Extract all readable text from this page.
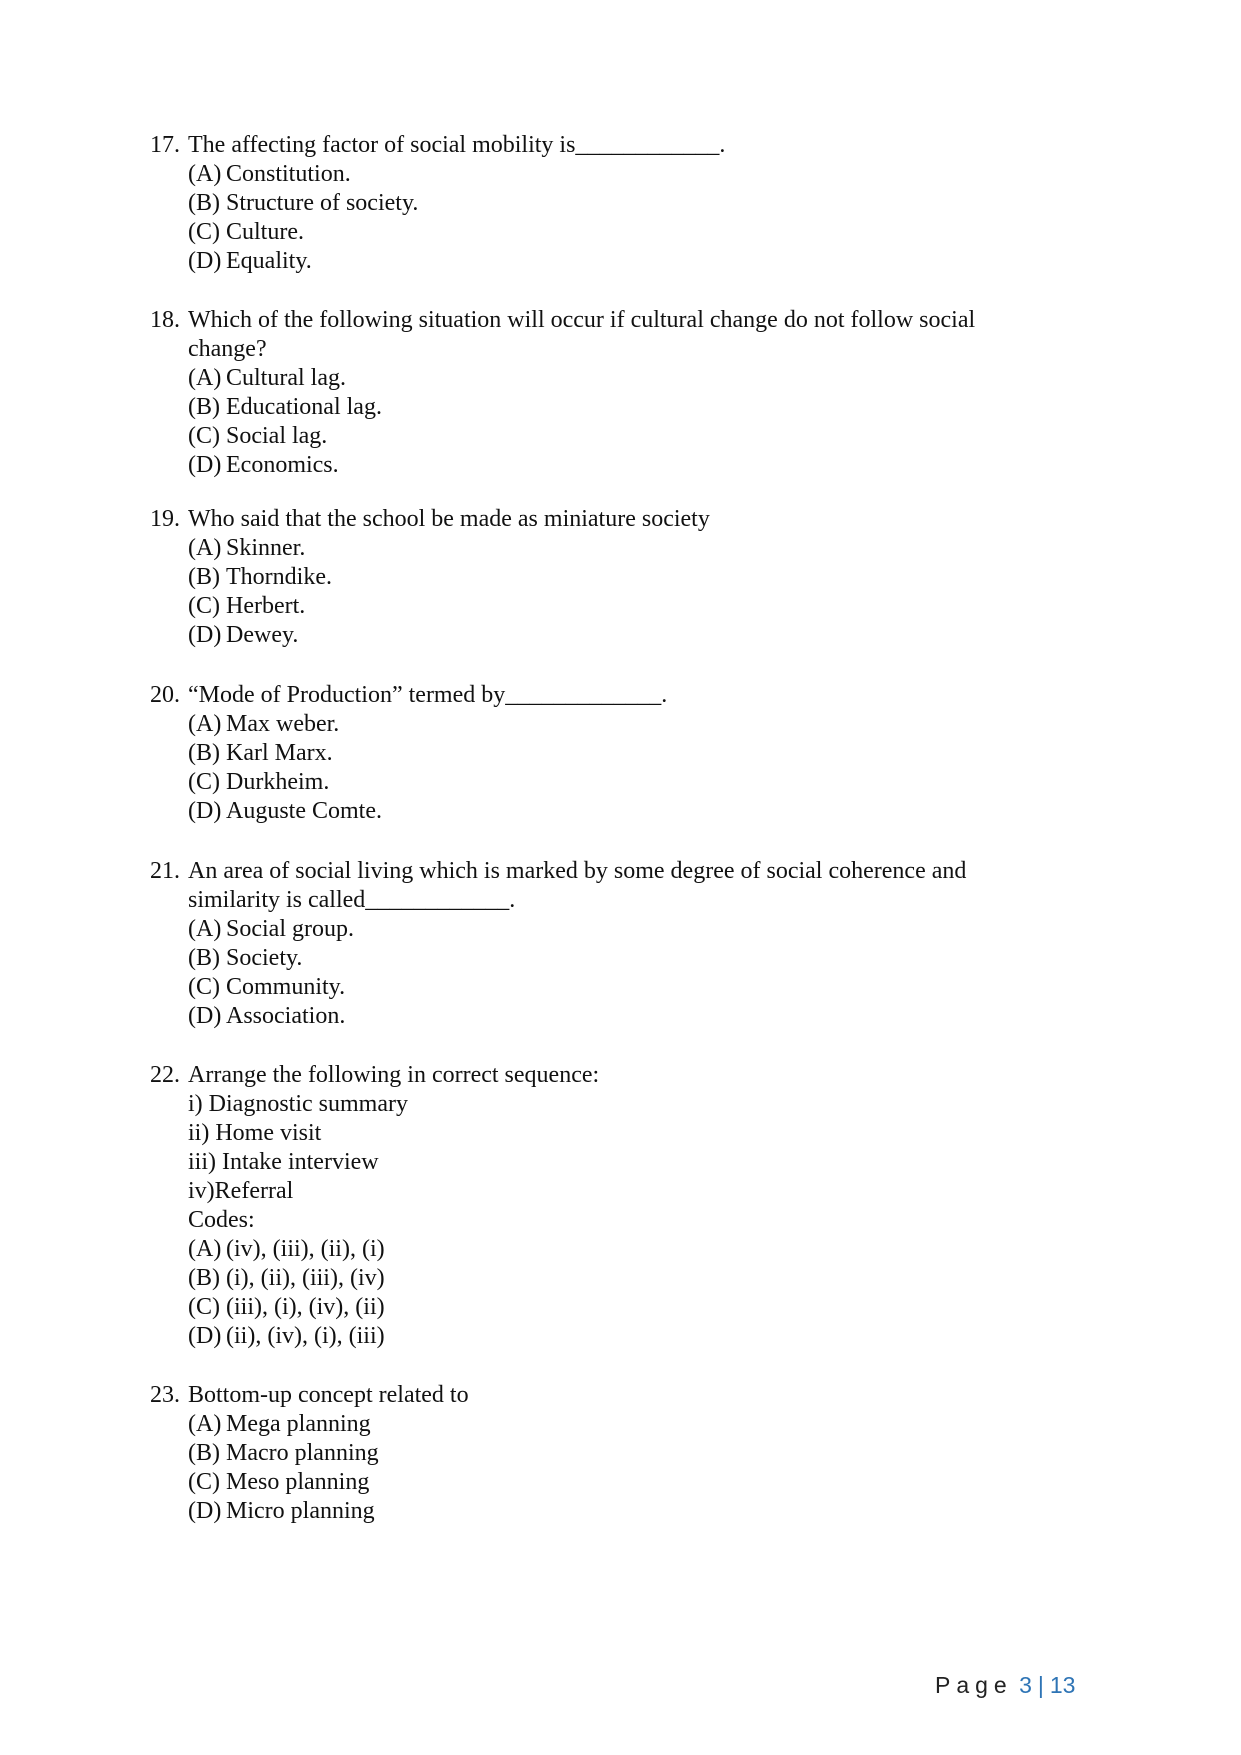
17. The affecting factor of social mobility is____________.
(A) Constitution.
(B) Structure of society.
(C) Culture.
(D) Equality.
18. Which of the following situation will occur if cultural change do not follow social
change?
(A) Cultural lag.
(B) Educational lag.
(C) Social lag.
(D) Economics.
19. Who said that the school be made as miniature society
(A) Skinner.
(B) Thorndike.
(C) Herbert.
(D) Dewey.
20. “Mode of Production” termed by_____________.
(A) Max weber.
(B) Karl Marx.
(C) Durkheim.
(D) Auguste Comte.
21. An area of social living which is marked by some degree of social coherence and
similarity is called____________.
(A) Social group.
(B) Society.
(C) Community.
(D) Association.
22. Arrange the following in correct sequence:
i) Diagnostic summary
ii) Home visit
iii) Intake interview
iv)Referral
Codes:
(A) (iv), (iii), (ii), (i)
(B) (i), (ii), (iii), (iv)
(C) (iii), (i), (iv), (ii)
(D) (ii), (iv), (i), (iii)
23. Bottom-up concept related to
(A) Mega planning
(B) Macro planning
(C) Meso planning
(D) Micro planning
Page 3 | 13
